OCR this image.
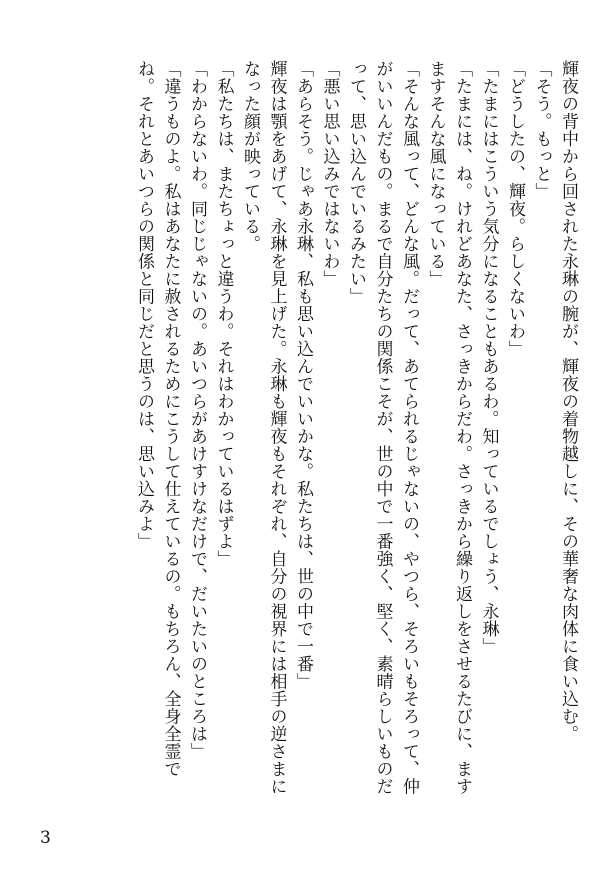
輝夜の背中から回された永琳の腕が、輝夜の着物越しに、その華奢な肉体に食い込む。

「そう。もっと」

「どうしたの、輝夜。らしくないわ」

「たまにはこういう気分になることもあるわ。知っているでしょう、永琳」

「たまには、ね。けれどあなた、さっきからだわ。さっきから繰り返しをさせるたびに、ますますそんな風になっている」

「そんな風って、どんな風。だって、あてられるじゃないの、やつら、そろいもそろって、仲がいいんだもの。まるで自分たちの関係こそが、世の中で一番強く、堅く、素晴らしいものだって、思い込んでいるみたい」

「悪い思い込みではないわ」

「あらそう。じゃあ永琳、私も思い込んでいいかな。私たちは、世の中で一番」

輝夜は顎をあげて、永琳を見上げた。永琳も輝夜もそれぞれ、自分の視界には相手の逆さまになった顔が映っている。

「私たちは、またちょっと違うわ。それはわかっているはずよ」

「わからないわ。同じじゃないの。あいつらがあけすけなだけで、だいたいのところは」

「違うものよ。私はあなたに赦されるためにこうして仕えているの。もちろん、全身全霊でね。それとあいつらの関係と同じだと思うのは、思い込みよ」

3
